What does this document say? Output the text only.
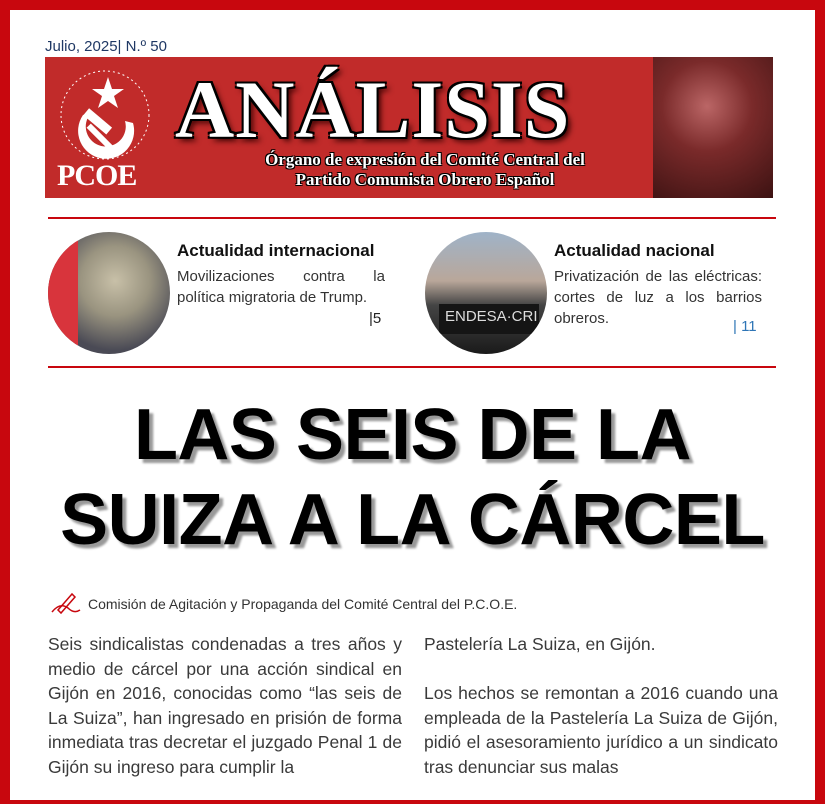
Julio, 2025| N.º 50
PCOE
ANÁLISIS
Órgano de expresión del Comité Central del
Partido Comunista Obrero Español
Actualidad internacional
Movilizaciones contra la política migratoria de Trump.
|5	ENDESA·CRI
Actualidad nacional
Privatización de las eléctricas: cortes de luz a los barrios obreros.	| 11
LAS SEIS DE LA
SUIZA A LA CÁRCEL
Comisión de Agitación y Propaganda del Comité Central del P.C.O.E.

Seis sindicalistas condenadas a tres años y medio de cárcel por una acción sindical en Gijón en 2016, conocidas como “las seis de La Suiza”, han ingresado en prisión de forma inmediata tras decretar el juzgado Penal 1 de Gijón su ingreso para cumplir la

Pastelería La Suiza, en Gijón.

Los hechos se remontan a 2016 cuando una empleada de la Pastelería La Suiza de Gijón, pidió el asesoramiento jurídico a un sindicato tras denunciar sus malas
